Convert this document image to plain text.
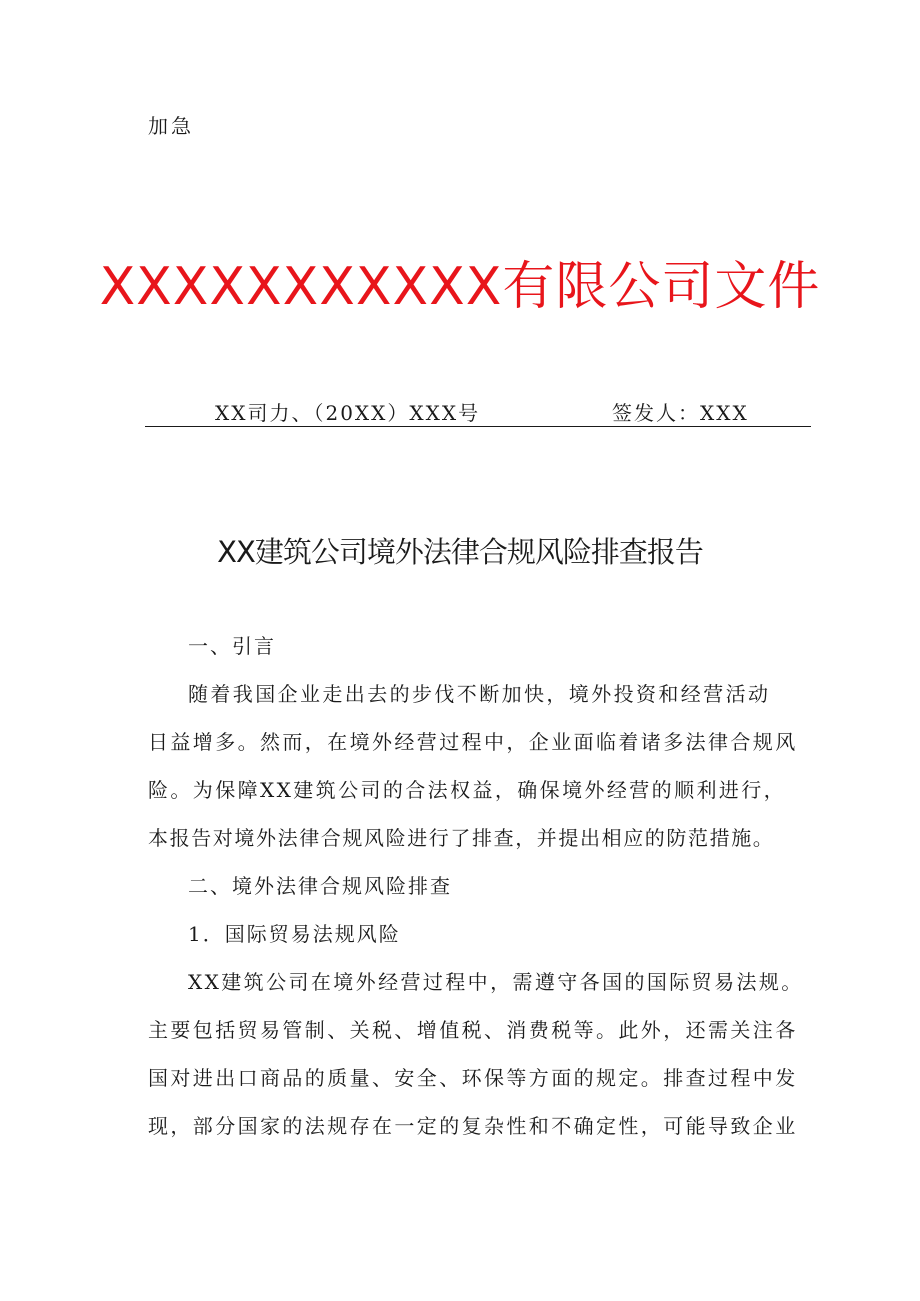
加急
XXXXXXXXXXX有限公司文件
XX司力、（20XX）XXX号	签发人：XXX
XX建筑公司境外法律合规风险排查报告

一、引言

随着我国企业走出去的步伐不断加快，境外投资和经营活动

日益增多。然而，在境外经营过程中，企业面临着诸多法律合规风

险。为保障XX建筑公司的合法权益，确保境外经营的顺利进行，

本报告对境外法律合规风险进行了排查，并提出相应的防范措施。

二、境外法律合规风险排查

1．国际贸易法规风险

XX建筑公司在境外经营过程中，需遵守各国的国际贸易法规。

主要包括贸易管制、关税、增值税、消费税等。此外，还需关注各

国对进出口商品的质量、安全、环保等方面的规定。排查过程中发

现，部分国家的法规存在一定的复杂性和不确定性，可能导致企业
